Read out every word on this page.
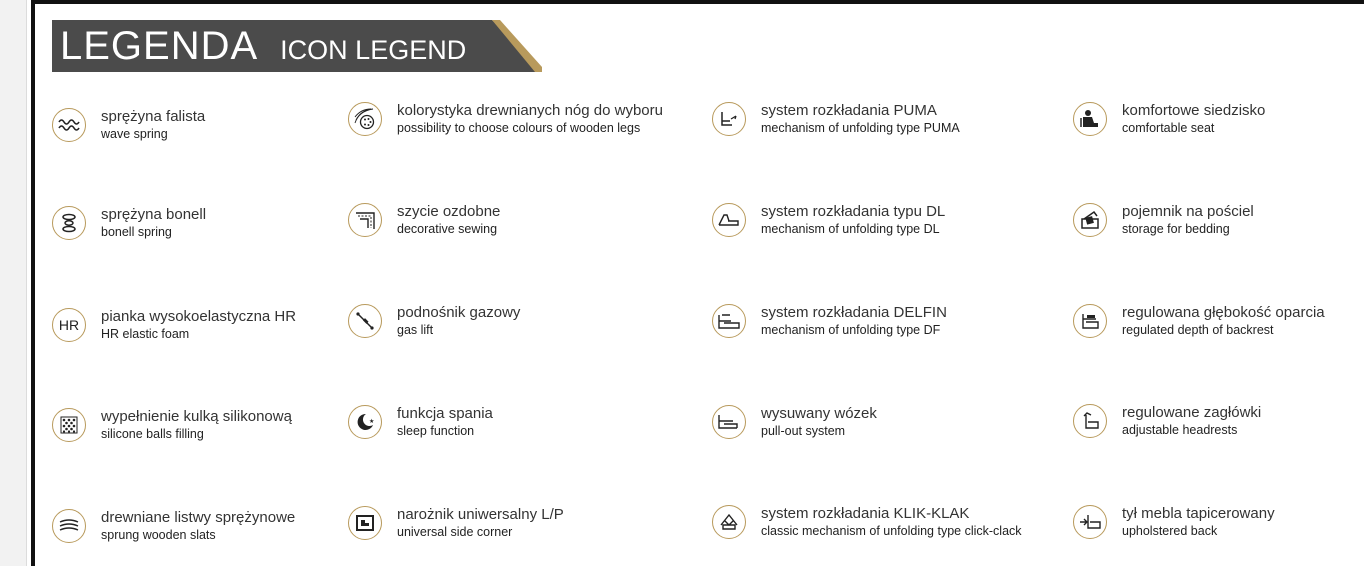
LEGENDA ICON LEGEND
sprężyna falista
wave spring
sprężyna bonell
bonell spring
HR pianka wysokoelastyczna HR
HR elastic foam
wypełnienie kulką silikonową
silicone balls filling
drewniane listwy sprężynowe
sprung wooden slats
kolorystyka drewnianych nóg do wyboru
possibility to choose colours of wooden legs
szycie ozdobne
decorative sewing
podnośnik gazowy
gas lift
★ funkcja spania
sleep function
narożnik uniwersalny L/P
universal side corner
system rozkładania PUMA
mechanism of unfolding type PUMA
system rozkładania typu DL
mechanism of unfolding type DL
system rozkładania DELFIN
mechanism of unfolding type DF
wysuwany wózek
pull-out system
system rozkładania KLIK-KLAK
classic mechanism of unfolding type click-clack
komfortowe siedzisko
comfortable seat
pojemnik na pościel
storage for bedding
regulowana głębokość oparcia
regulated depth of backrest
regulowane zagłówki
adjustable headrests
tył mebla tapicerowany
upholstered back
